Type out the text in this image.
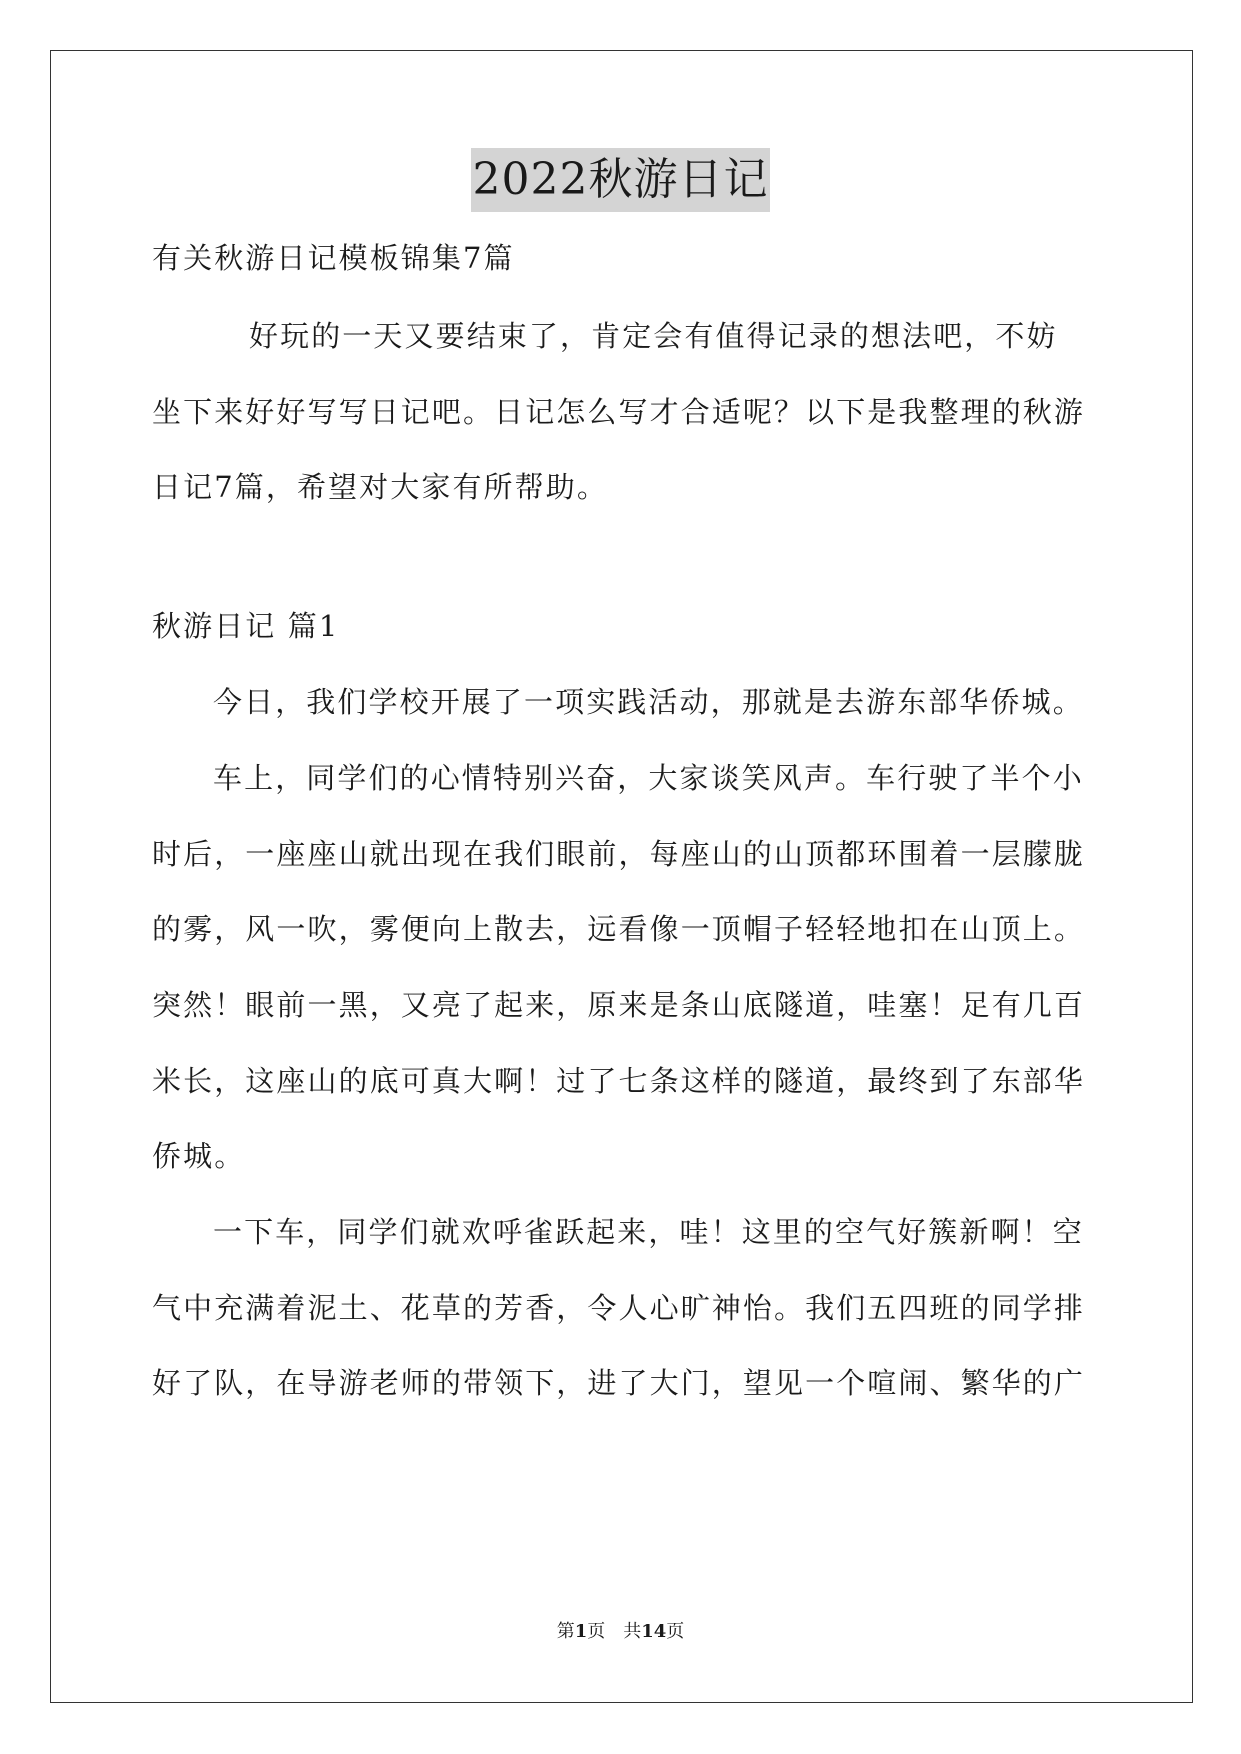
2022秋游日记
有关秋游日记模板锦集7篇
好玩的一天又要结束了，肯定会有值得记录的想法吧，不妨
坐下来好好写写日记吧。日记怎么写才合适呢？以下是我整理的秋游
日记7篇，希望对大家有所帮助。
秋游日记 篇1
今日，我们学校开展了一项实践活动，那就是去游东部华侨城。
车上，同学们的心情特别兴奋，大家谈笑风声。车行驶了半个小
时后，一座座山就出现在我们眼前，每座山的山顶都环围着一层朦胧
的雾，风一吹，雾便向上散去，远看像一顶帽子轻轻地扣在山顶上。
突然！眼前一黑，又亮了起来，原来是条山底隧道，哇塞！足有几百
米长，这座山的底可真大啊！过了七条这样的隧道，最终到了东部华
侨城。
一下车，同学们就欢呼雀跃起来，哇！这里的空气好簇新啊！空
气中充满着泥土、花草的芳香，令人心旷神怡。我们五四班的同学排
好了队，在导游老师的带领下，进了大门，望见一个喧闹、繁华的广
第1页　共14页
